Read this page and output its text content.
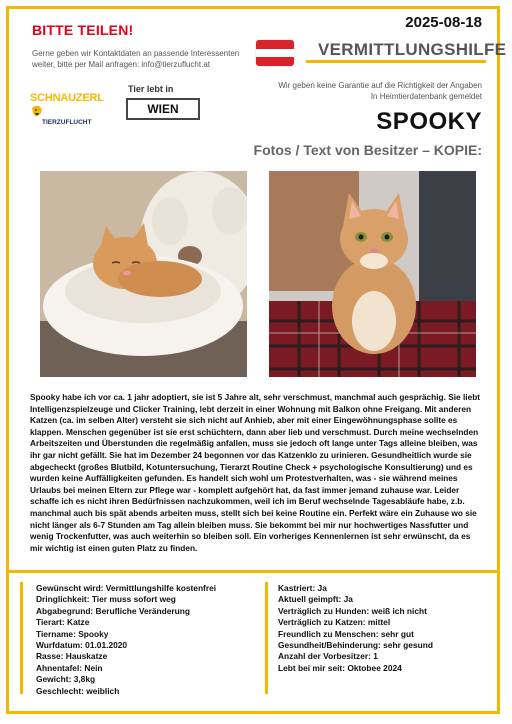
BITTE TEILEN!
Gerne geben wir Kontaktdaten an passende Interessenten weiter, bitte per Mail anfragen: info@tierzuflucht.at
2025-08-18
VERMITTLUNGSHILFE
Wir geben keine Garantie auf die Richtigkeit der Angaben In Heimtierdatenbank gemeldet
SCHNAUZERL
TIERZUFLUCHT
Tier lebt in
WIEN	SPOOKY
Fotos / Text von Besitzer – KOPIE:
Spooky habe ich vor ca. 1 jahr adoptiert, sie ist 5 Jahre alt, sehr verschmust, manchmal auch gesprächig. Sie liebt Intelligenzspielzeuge und Clicker Training, lebt derzeit in einer Wohnung mit Balkon ohne Freigang. Mit anderen Katzen (ca. im selben Alter) versteht sie sich nicht auf Anhieb, aber mit einer Eingewöhnungsphase sollte es klappen. Menschen gegenüber ist sie erst schüchtern, dann aber lieb und verschmust. Durch meine wechselnden Arbeitszeiten und Überstunden die regelmäßig anfallen, muss sie jedoch oft lange unter Tags alleine bleiben, was ihr gar nicht gefällt. Sie hat im Dezember 24 begonnen vor das Katzenklo zu urinieren. Gesundheitlich wurde sie abgecheckt (großes Blutbild, Kotuntersuchung, Tierarzt Routine Check + psychologische Konsultierung) und es wurden keine Auffälligkeiten gefunden. Es handelt sich wohl um Protestverhalten, was - sie während meines Urlaubs bei meinen Eltern zur Pflege war - komplett aufgehört hat, da fast immer jemand zuhause war. Leider schaffe ich es nicht ihren Bedürfnissen nachzukommen, weil ich im Beruf wechselnde Tagesabläufe habe, z.b. manchmal auch bis spät abends arbeiten muss, stellt sich bei keine Routine ein. Perfekt wäre ein Zuhause wo sie nicht länger als 6-7 Stunden am Tag allein bleiben muss. Sie bekommt bei mir nur hochwertiges Nassfutter und wenig Trockenfutter, was auch weiterhin so bleiben soll. Ein vorheriges Kennenlernen ist sehr erwünscht, da es mir wichtig ist einen guten Platz zu finden.
Gewünscht wird: Vermittlungshilfe kostenfrei
Dringlichkeit: Tier muss sofort weg
Abgabegrund: Berufliche Veränderung
Tierart: Katze
Tiername: Spooky
Wurfdatum: 01.01.2020
Rasse: Hauskatze
Ahnentafel: Nein
Gewicht: 3,8kg
Geschlecht: weiblich
Kastriert: Ja
Aktuell geimpft: Ja
Verträglich zu Hunden: weiß ich nicht
Verträglich zu Katzen: mittel
Freundlich zu Menschen: sehr gut
Gesundheit/Behinderung: sehr gesund
Anzahl der Vorbesitzer: 1
Lebt bei mir seit: Oktobee 2024
